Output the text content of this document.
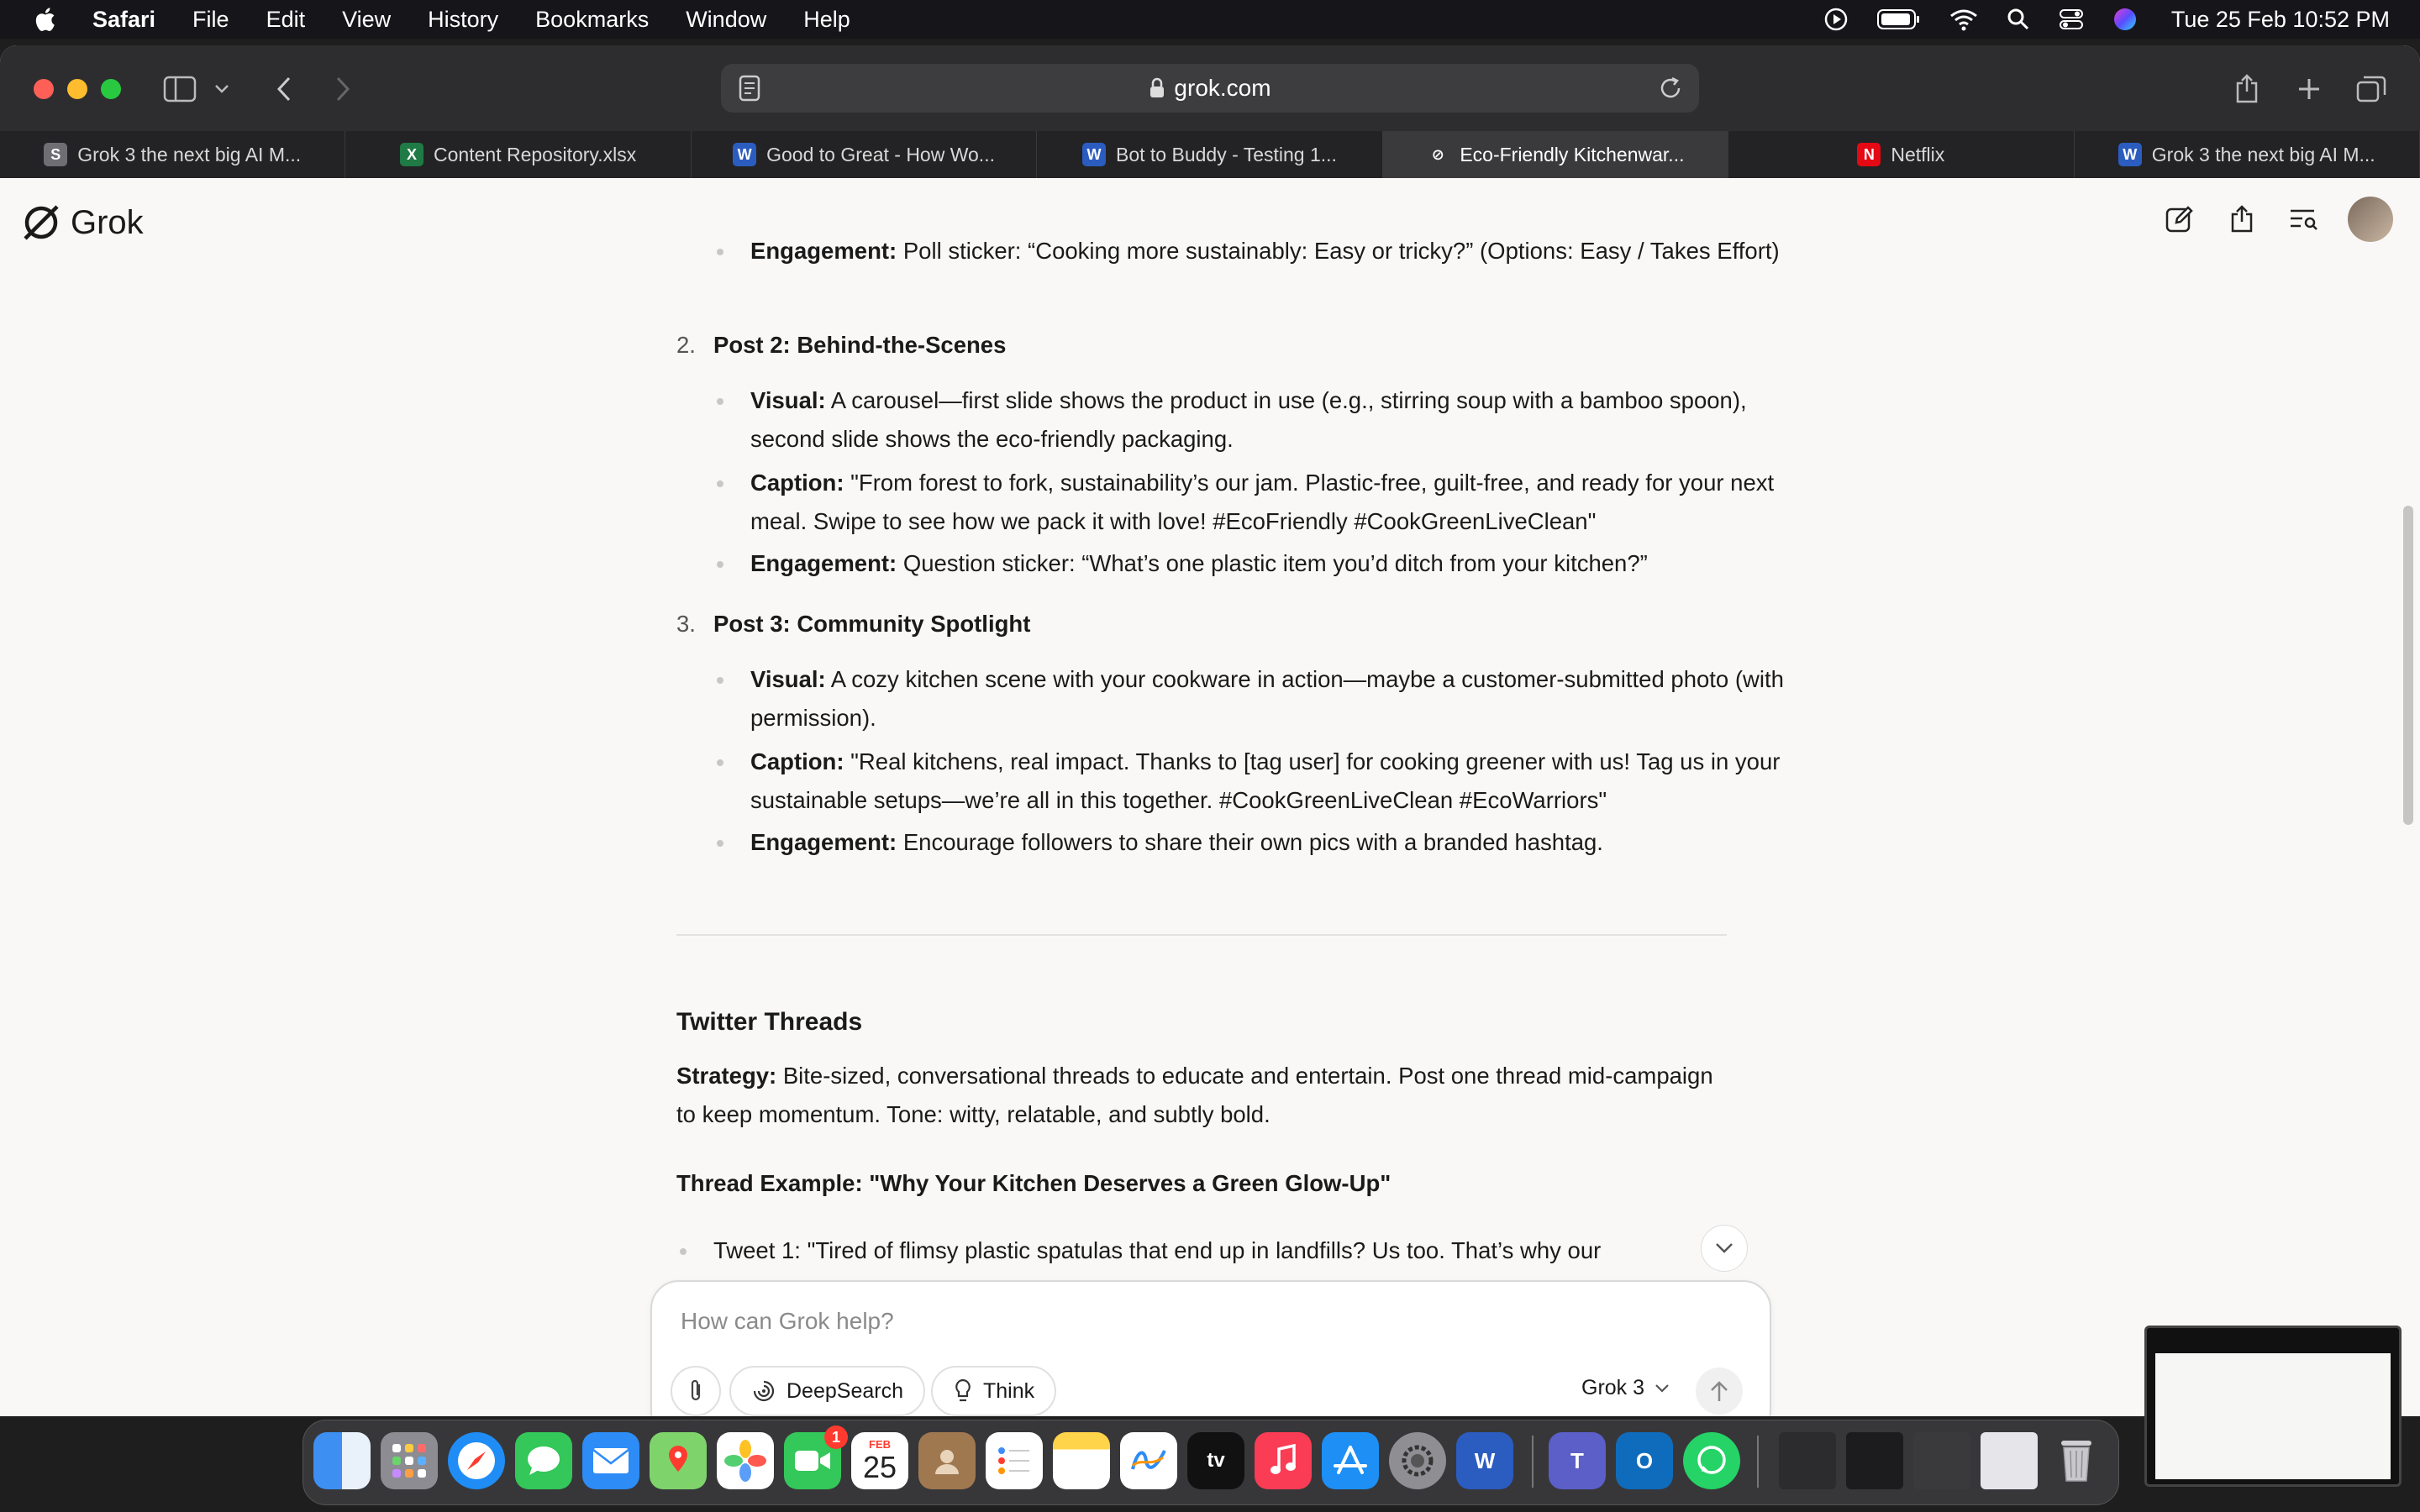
Safari File Edit View History Bookmarks Window Help	Tue 25 Feb 10:52 PM
grok.com
S Grok 3 the next big AI M...	X Content Repository.xlsx	W Good to Great - How Wo...	W Bot to Buddy - Testing 1...	⊘ Eco-Friendly Kitchenwar...	N Netflix	W Grok 3 the next big AI M...
Grok

Engagement: Poll sticker: “Cooking more sustainably: Easy or tricky?” (Options: Easy / Takes Effort)

2. Post 2: Behind-the-Scenes

Visual: A carousel—first slide shows the product in use (e.g., stirring soup with a bamboo spoon), second slide shows the eco-friendly packaging.

Caption: "From forest to fork, sustainability’s our jam. Plastic-free, guilt-free, and ready for your next meal. Swipe to see how we pack it with love! #EcoFriendly #CookGreenLiveClean"

Engagement: Question sticker: “What’s one plastic item you’d ditch from your kitchen?”

3. Post 3: Community Spotlight

Visual: A cozy kitchen scene with your cookware in action—maybe a customer-submitted photo (with permission).

Caption: "Real kitchens, real impact. Thanks to [tag user] for cooking greener with us! Tag us in your sustainable setups—we’re all in this together. #CookGreenLiveClean #EcoWarriors"

Engagement: Encourage followers to share their own pics with a branded hashtag.

Twitter Threads

Strategy: Bite-sized, conversational threads to educate and entertain. Post one thread mid-campaign to keep momentum. Tone: witty, relatable, and subtly bold.

Thread Example: "Why Your Kitchen Deserves a Green Glow-Up"

Tweet 1: "Tired of flimsy plastic spatulas that end up in landfills? Us too. That’s why our

How can Grok help?
DeepSearch	Think	Grok 3
1	FEB
25	tv	W	T	O
